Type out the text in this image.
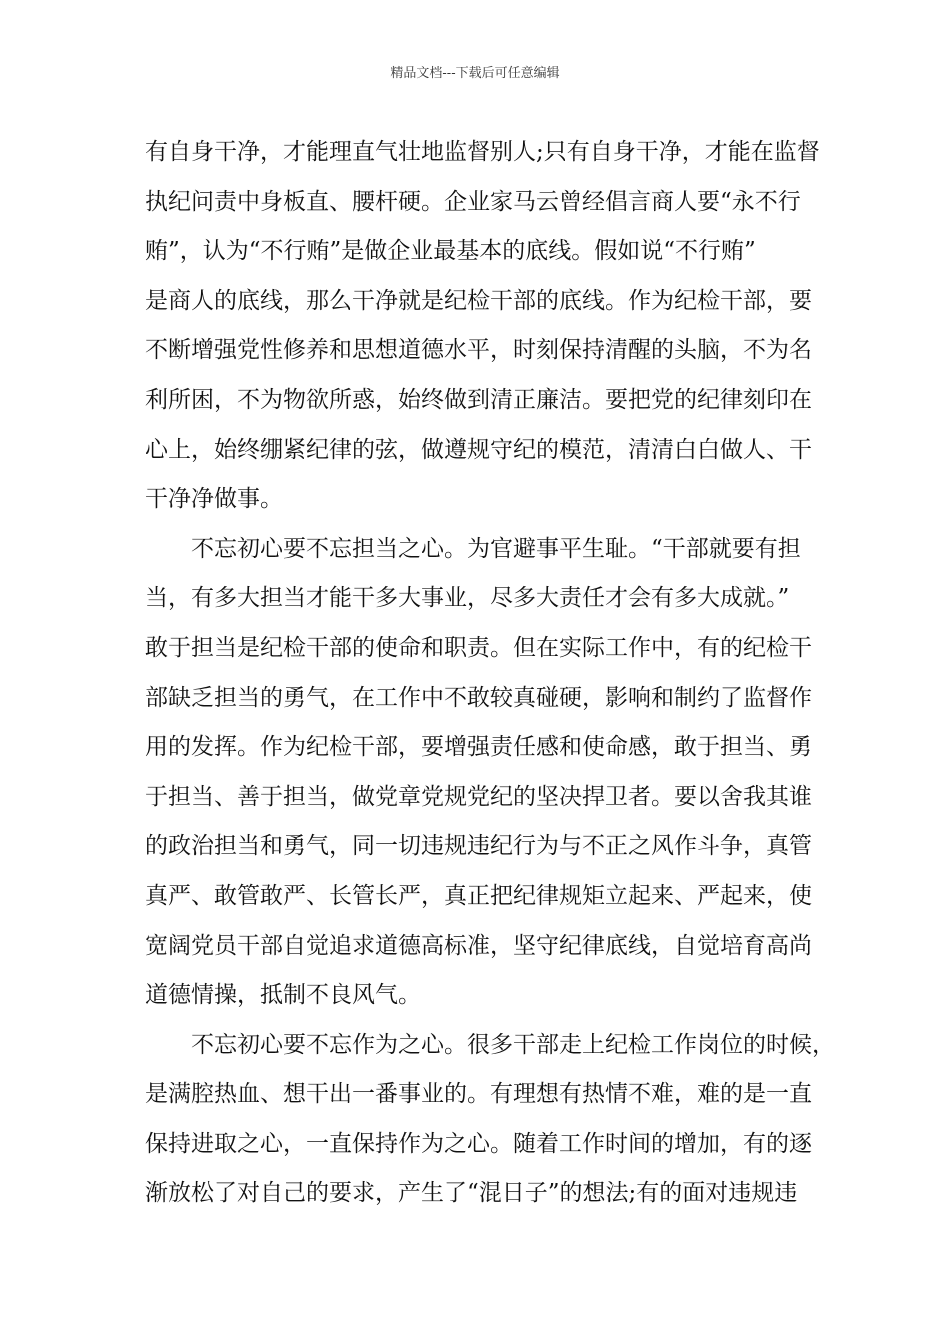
精品文档---下载后可任意编辑
有自身干净，才能理直气壮地监督别人;只有自身干净，才能在监督
执纪问责中身板直、腰杆硬。企业家马云曾经倡言商人要“永不行
贿”，认为“不行贿”是做企业最基本的底线。假如说“不行贿”
是商人的底线，那么干净就是纪检干部的底线。作为纪检干部，要
不断增强党性修养和思想道德水平，时刻保持清醒的头脑，不为名
利所困，不为物欲所惑，始终做到清正廉洁。要把党的纪律刻印在
心上，始终绷紧纪律的弦，做遵规守纪的模范，清清白白做人、干
干净净做事。
不忘初心要不忘担当之心。为官避事平生耻。“干部就要有担
当，有多大担当才能干多大事业，尽多大责任才会有多大成就。”
敢于担当是纪检干部的使命和职责。但在实际工作中，有的纪检干
部缺乏担当的勇气，在工作中不敢较真碰硬，影响和制约了监督作
用的发挥。作为纪检干部，要增强责任感和使命感，敢于担当、勇
于担当、善于担当，做党章党规党纪的坚决捍卫者。要以舍我其谁
的政治担当和勇气，同一切违规违纪行为与不正之风作斗争，真管
真严、敢管敢严、长管长严，真正把纪律规矩立起来、严起来，使
宽阔党员干部自觉追求道德高标准，坚守纪律底线，自觉培育高尚
道德情操，抵制不良风气。
不忘初心要不忘作为之心。很多干部走上纪检工作岗位的时候，
是满腔热血、想干出一番事业的。有理想有热情不难，难的是一直
保持进取之心，一直保持作为之心。随着工作时间的增加，有的逐
渐放松了对自己的要求，产生了“混日子”的想法;有的面对违规违
